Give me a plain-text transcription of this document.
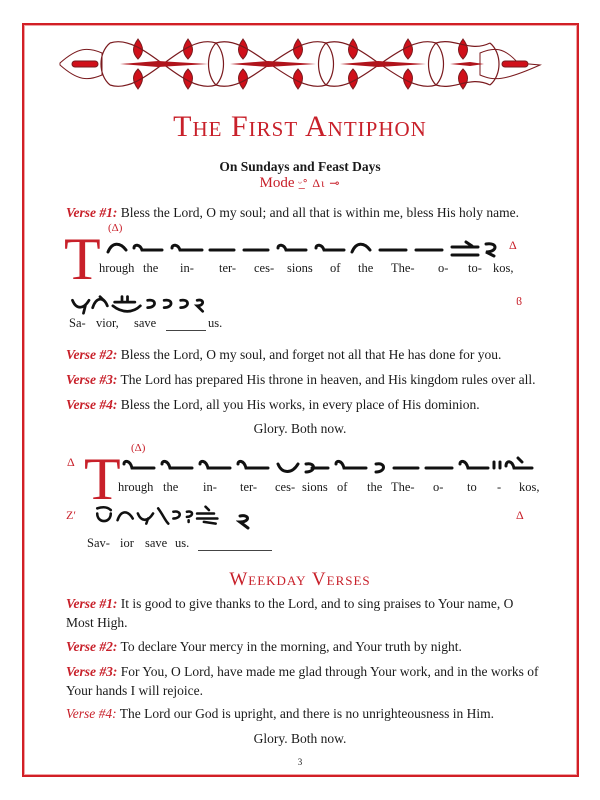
The First Antiphon
On Sundays and Feast Days
Mode ᵕ̲̲ᐤ Δι ⊸
Verse #1: Bless the Lord, O my soul; and all that is within me, bless His holy name.
(Δ)
T	Δ
hrough the in- ter- ces- sions of the The- o- to- kos,
ϐ
Sa- vior, save	us.
Verse #2: Bless the Lord, O my soul, and forget not all that He has done for you.
Verse #3: The Lord has prepared His throne in heaven, and His kingdom rules over all.
Verse #4: Bless the Lord, all you His works, in every place of His dominion.
Glory. Both now.
Δ
(Δ)
T
hrough the in- ter- ces- sions of the The- o- to - kos,
Z′	Δ
Sav- ior save us.
Weekday Verses
Verse #1: It is good to give thanks to the Lord, and to sing praises to Your name, O Most High.
Verse #2: To declare Your mercy in the morning, and Your truth by night.
Verse #3: For You, O Lord, have made me glad through Your work, and in the works of Your hands I will rejoice.
Verse #4: The Lord our God is upright, and there is no unrighteousness in Him.
Glory. Both now.
3
